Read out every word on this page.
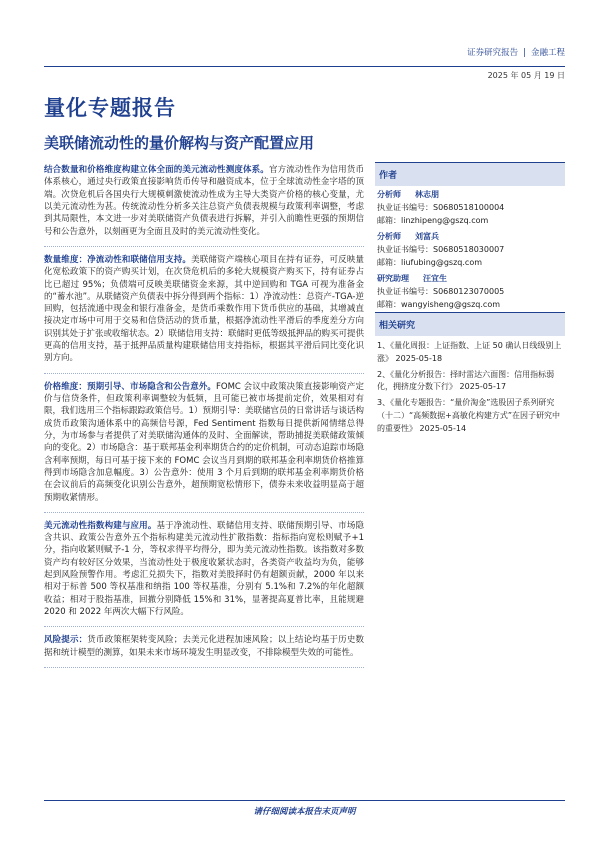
证券研究报告 | 金融工程
2025 年 05 月 19 日
量化专题报告
美联储流动性的量价解构与资产配置应用

结合数量和价格维度构建立体全面的美元流动性测度体系。官方流动性作为信用货币体系核心，通过央行政策直接影响货币传导和融资成本，位于全球流动性金字塔的顶端。次贷危机后各国央行大规模刺激使流动性成为主导大类资产价格的核心变量，尤以美元流动性为甚。传统流动性分析多关注总资产负债表规模与政策利率调整，考虑到其局限性，本文进一步对美联储资产负债表进行拆解，并引入前瞻性更强的预期信号和公告意外，以刻画更为全面且及时的美元流动性变化。

数量维度：净流动性和联储信用支持。美联储资产端核心项目在持有证券，可反映量化宽松政策下的资产购买计划，在次贷危机后的多轮大规模资产购买下，持有证券占比已超过 95%；负债端可反映美联储资金来源，其中逆回购和 TGA 可视为准备金的“蓄水池”。从联储资产负债表中拆分得到两个指标：1）净流动性：总资产-TGA-逆回购，包括流通中现金和银行准备金，是货币乘数作用下货币供应的基础，其增减直接决定市场中可用于交易和信贷活动的货币量，根据净流动性平滑后的季度差分方向识别其处于扩张或收缩状态。2）联储信用支持：联储时更低等级抵押品的购买可提供更高的信用支持，基于抵押品质量构建联储信用支持指标，根据其平滑后同比变化识别方向。

价格维度：预期引导、市场隐含和公告意外。FOMC 会议中政策决策直接影响资产定价与信贷条件，但政策利率调整较为低频，且可能已被市场提前定价，效果相对有限，我们选用三个指标跟踪政策信号。1）预期引导：美联储官员的日常讲话与谈话构成货币政策沟通体系中的高频信号源，Fed Sentiment 指数每日提供新闻情绪总得分，为市场参与者提供了对美联储沟通体的及时、全面解读，帮助捕捉美联储政策倾向的变化。2）市场隐含：基于联邦基金利率期货合约的定价机制，可动态追踪市场隐含利率预期，每日可基于接下来的 FOMC 会议当月到期的联邦基金利率期货价格推算得到市场隐含加息幅度。3）公告意外：使用 3 个月后到期的联邦基金利率期货价格在会议前后的高频变化识别公告意外，超预期宽松情形下，债券未来收益明显高于超预期收紧情形。

美元流动性指数构建与应用。基于净流动性、联储信用支持、联储预期引导、市场隐含共识、政策公告意外五个指标构建美元流动性扩散指数：指标指向宽松则赋予+1 分，指向收紧则赋予-1 分，等权求得平均得分，即为美元流动性指数。该指数对多数资产均有较好区分效果，当流动性处于极度收紧状态时，各类资产收益均为负，能够起到风险预警作用。考虑汇兑损失下，指数对美股择时仍有超额贡献，2000 年以来相对于标普 500 等权基准和纳指 100 等权基准，分别有 5.1%和 7.2%的年化超额收益；相对于股指基准，回撤分别降低 15%和 31%，显著提高夏普比率，且能规避 2020 和 2022 年两次大幅下行风险。

风险提示：货币政策框架转变风险；去美元化进程加速风险；以上结论均基于历史数据和统计模型的测算，如果未来市场环境发生明显改变，不排除模型失效的可能性。

作者
分析师 林志朋
执业证书编号：S0680518100004
邮箱：linzhipeng@gszq.com
分析师 刘富兵
执业证书编号：S0680518030007
邮箱：liufubing@gszq.com
研究助理 汪宜生
执业证书编号：S0680123070005
邮箱：wangyisheng@gszq.com
相关研究
1、《量化周报：上证指数、上证 50 确认日线级别上涨》 2025-05-18
2、《量化分析报告：择时雷达六面图：信用指标弱化，拥挤度分数下行》 2025-05-17
3、《量化专题报告：“量价淘金”选股因子系列研究（十二）“高频数据+高敏化构建方式”在因子研究中的重要性》 2025-05-14
请仔细阅读本报告末页声明
